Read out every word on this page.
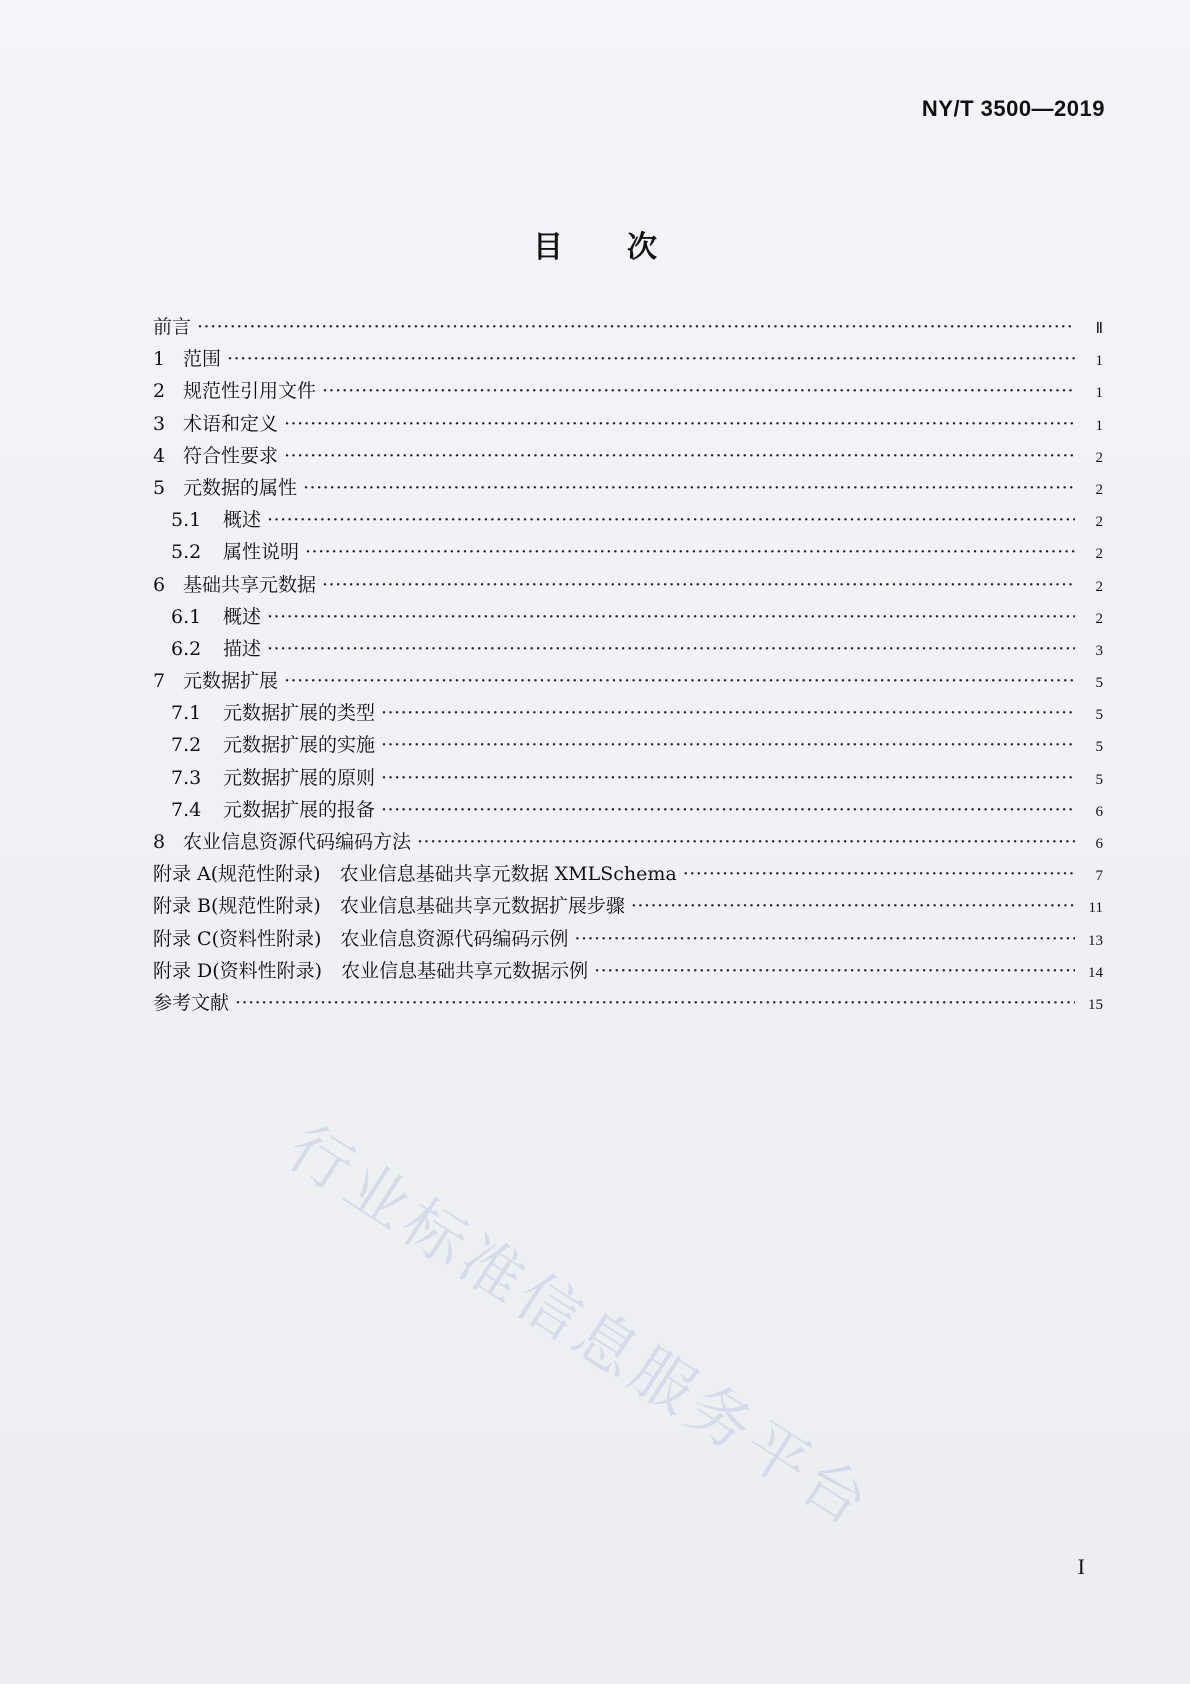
NY/T 3500—2019
目 次
前言 ·····	Ⅱ
1 范围 ·····	1
2 规范性引用文件 ·····	1
3 术语和定义 ·····	1
4 符合性要求 ·····	2
5 元数据的属性 ·····	2
5.1	概述 ·····	2
5.2	属性说明 ·····	2
6 基础共享元数据 ·····	2
6.1	概述 ·····	2
6.2	描述 ·····	3
7 元数据扩展 ·····	5
7.1	元数据扩展的类型 ·····	5
7.2	元数据扩展的实施 ·····	5
7.3	元数据扩展的原则 ·····	5
7.4	元数据扩展的报备 ·····	6
8 农业信息资源代码编码方法 ·····	6
附录 A(规范性附录)　农业信息基础共享元数据 XMLSchema ·····	7
附录 B(规范性附录)　农业信息基础共享元数据扩展步骤 ·····	11
附录 C(资料性附录)　农业信息资源代码编码示例 ·····	13
附录 D(资料性附录)　农业信息基础共享元数据示例 ·····	14
参考文献 ·····	15
行业标准信息服务平台
I
